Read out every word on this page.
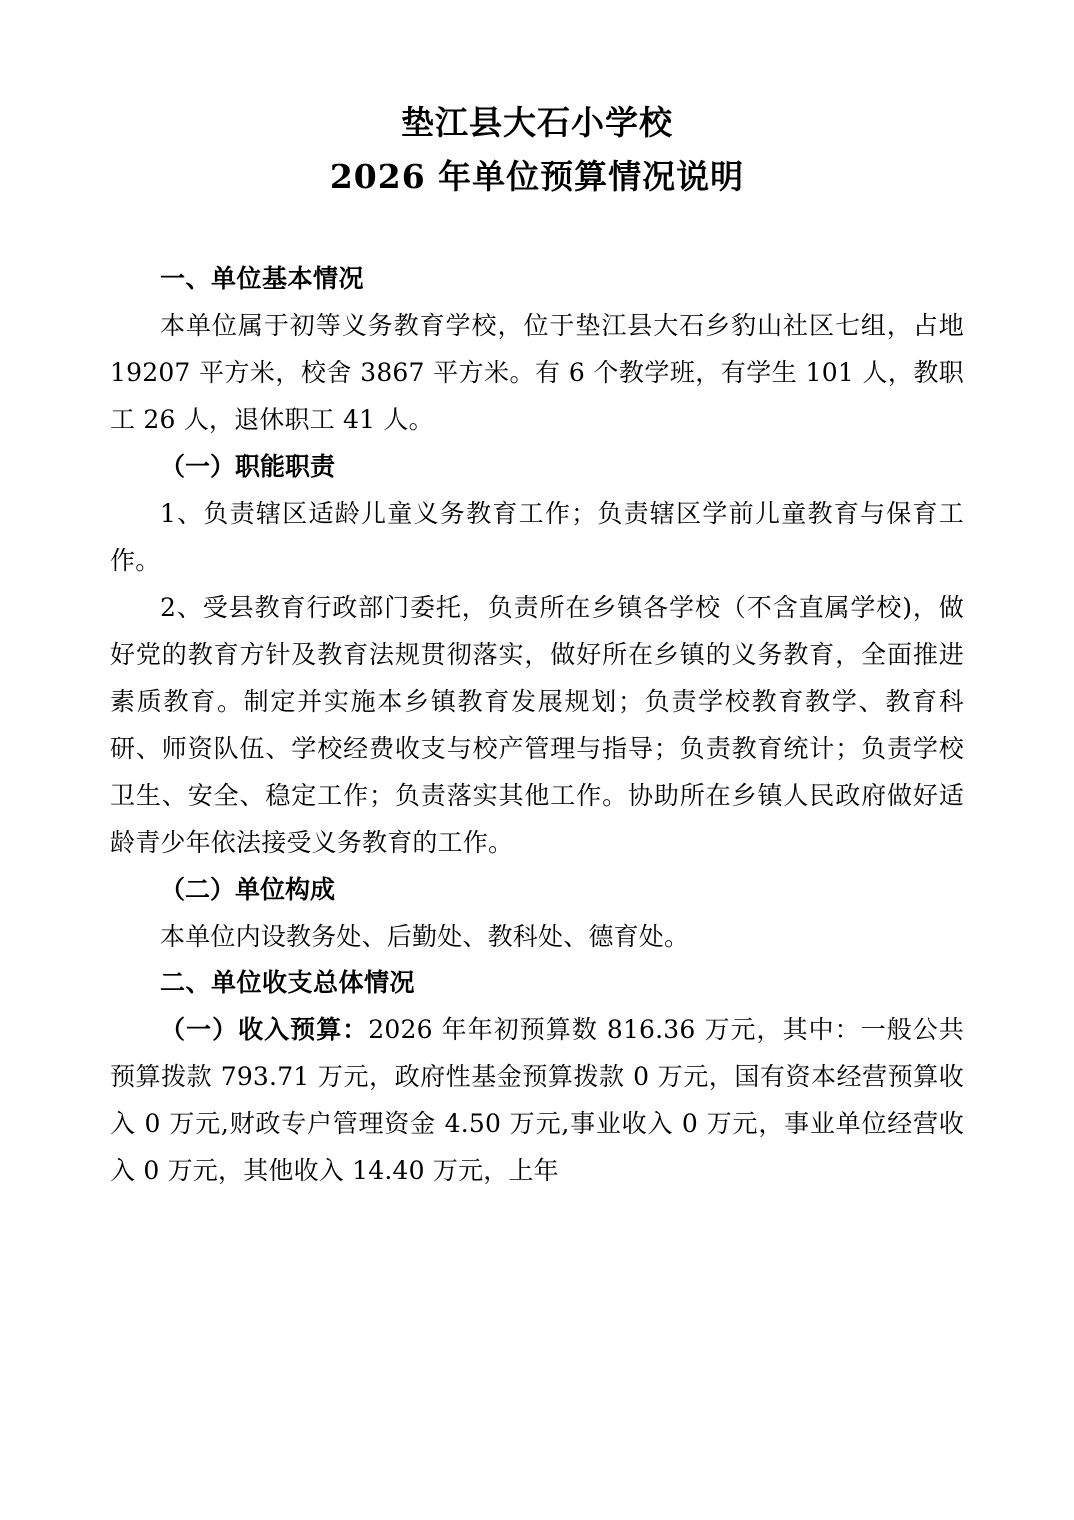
垫江县大石小学校
2026 年单位预算情况说明
一、单位基本情况

本单位属于初等义务教育学校，位于垫江县大石乡豹山社区七组，占地 19207 平方米，校舍 3867 平方米。有 6 个教学班，有学生 101 人，教职工 26 人，退休职工 41 人。

（一）职能职责

1、负责辖区适龄儿童义务教育工作；负责辖区学前儿童教育与保育工作。

2、受县教育行政部门委托，负责所在乡镇各学校（不含直属学校)，做好党的教育方针及教育法规贯彻落实，做好所在乡镇的义务教育，全面推进素质教育。制定并实施本乡镇教育发展规划；负责学校教育教学、教育科研、师资队伍、学校经费收支与校产管理与指导；负责教育统计；负责学校卫生、安全、稳定工作；负责落实其他工作。协助所在乡镇人民政府做好适龄青少年依法接受义务教育的工作。

（二）单位构成

本单位内设教务处、后勤处、教科处、德育处。

二、单位收支总体情况

（一）收入预算：2026 年年初预算数 816.36 万元，其中：一般公共预算拨款 793.71 万元，政府性基金预算拨款 0 万元，国有资本经营预算收入 0 万元,财政专户管理资金 4.50 万元,事业收入 0 万元，事业单位经营收入 0 万元，其他收入 14.40 万元，上年
